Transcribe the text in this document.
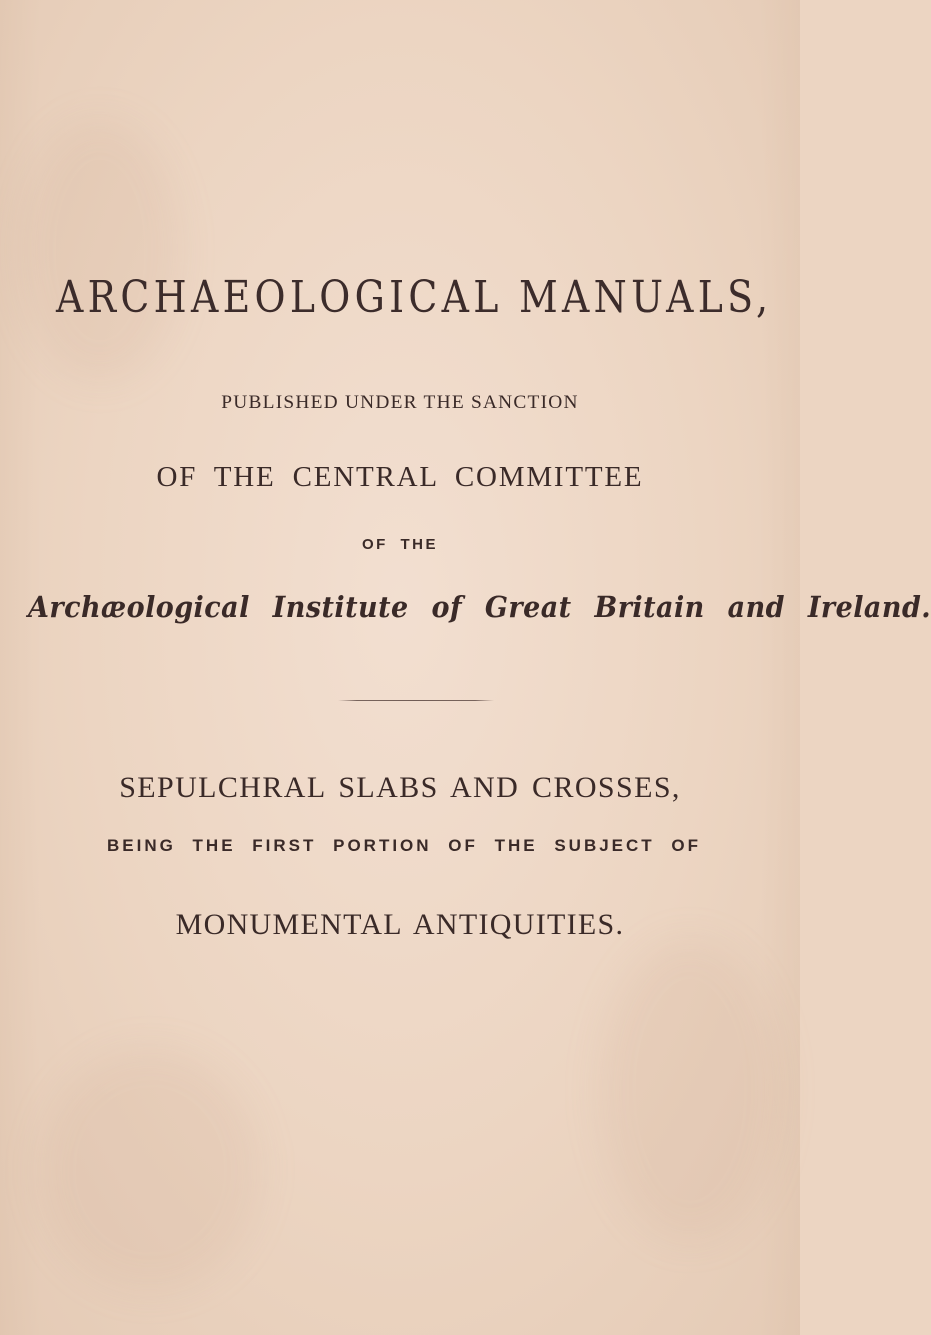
ARCHAEOLOGICAL MANUALS,
PUBLISHED UNDER THE SANCTION
OF THE CENTRAL COMMITTEE
OF THE
Archæological Institute of Great Britain and Ireland.
SEPULCHRAL SLABS AND CROSSES,
BEING THE FIRST PORTION OF THE SUBJECT OF
MONUMENTAL ANTIQUITIES.
